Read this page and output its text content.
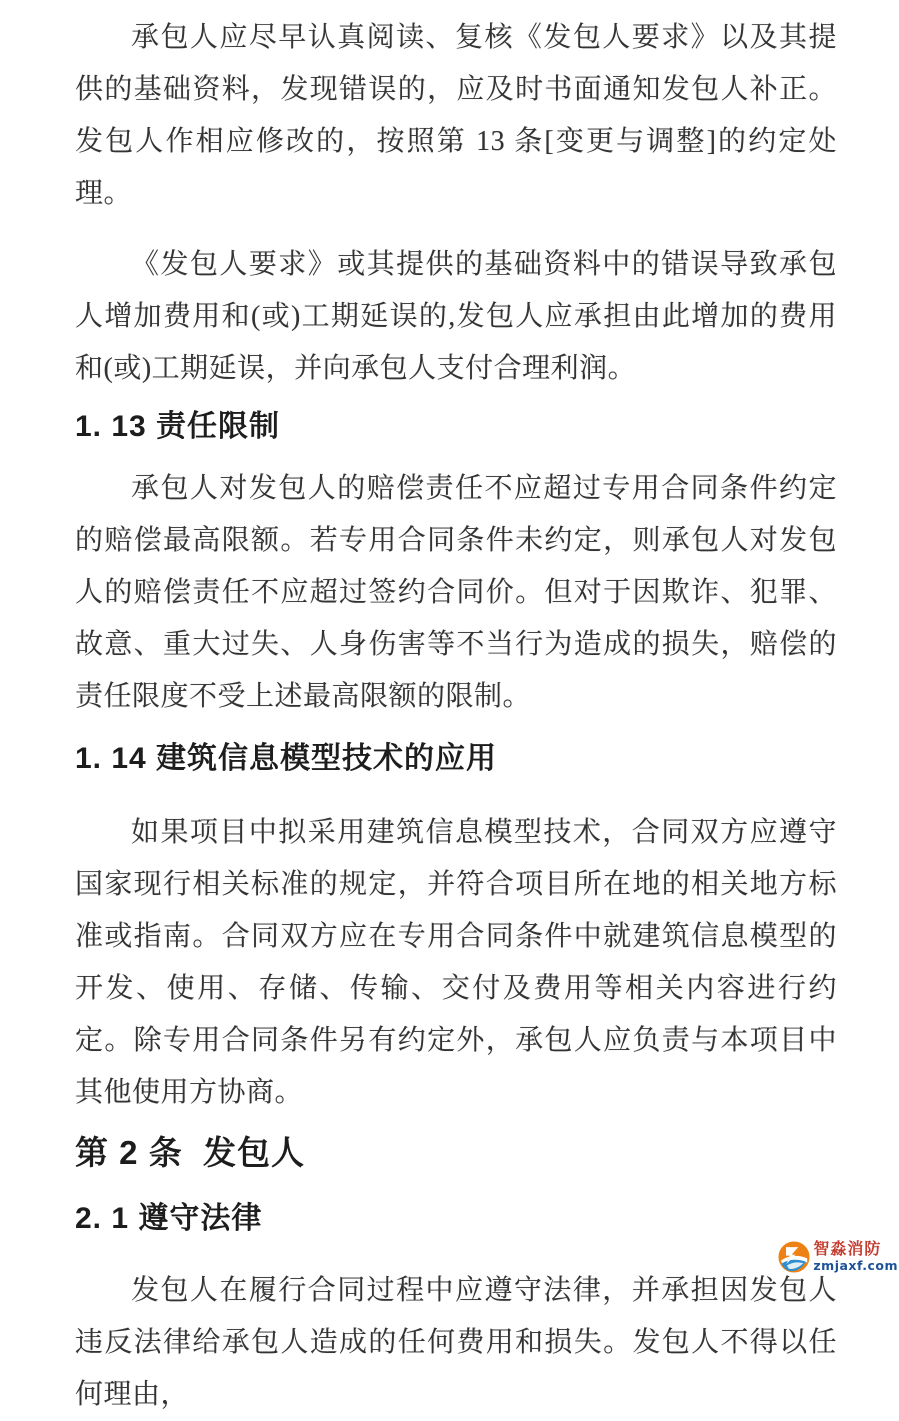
承包人应尽早认真阅读、复核《发包人要求》以及其提供的基础资料，发现错误的，应及时书面通知发包人补正。发包人作相应修改的，按照第 13 条[变更与调整]的约定处理。

《发包人要求》或其提供的基础资料中的错误导致承包人增加费用和(或)工期延误的,发包人应承担由此增加的费用和(或)工期延误，并向承包人支付合理利润。

1. 13 责任限制

承包人对发包人的赔偿责任不应超过专用合同条件约定的赔偿最高限额。若专用合同条件未约定，则承包人对发包人的赔偿责任不应超过签约合同价。但对于因欺诈、犯罪、故意、重大过失、人身伤害等不当行为造成的损失，赔偿的责任限度不受上述最高限额的限制。

1. 14 建筑信息模型技术的应用

如果项目中拟采用建筑信息模型技术，合同双方应遵守国家现行相关标准的规定，并符合项目所在地的相关地方标准或指南。合同双方应在专用合同条件中就建筑信息模型的开发、使用、存储、传输、交付及费用等相关内容进行约定。除专用合同条件另有约定外，承包人应负责与本项目中其他使用方协商。

第 2 条  发包人
2. 1 遵守法律

发包人在履行合同过程中应遵守法律，并承担因发包人违反法律给承包人造成的任何费用和损失。发包人不得以任何理由，

智淼消防
zmjaxf.com
